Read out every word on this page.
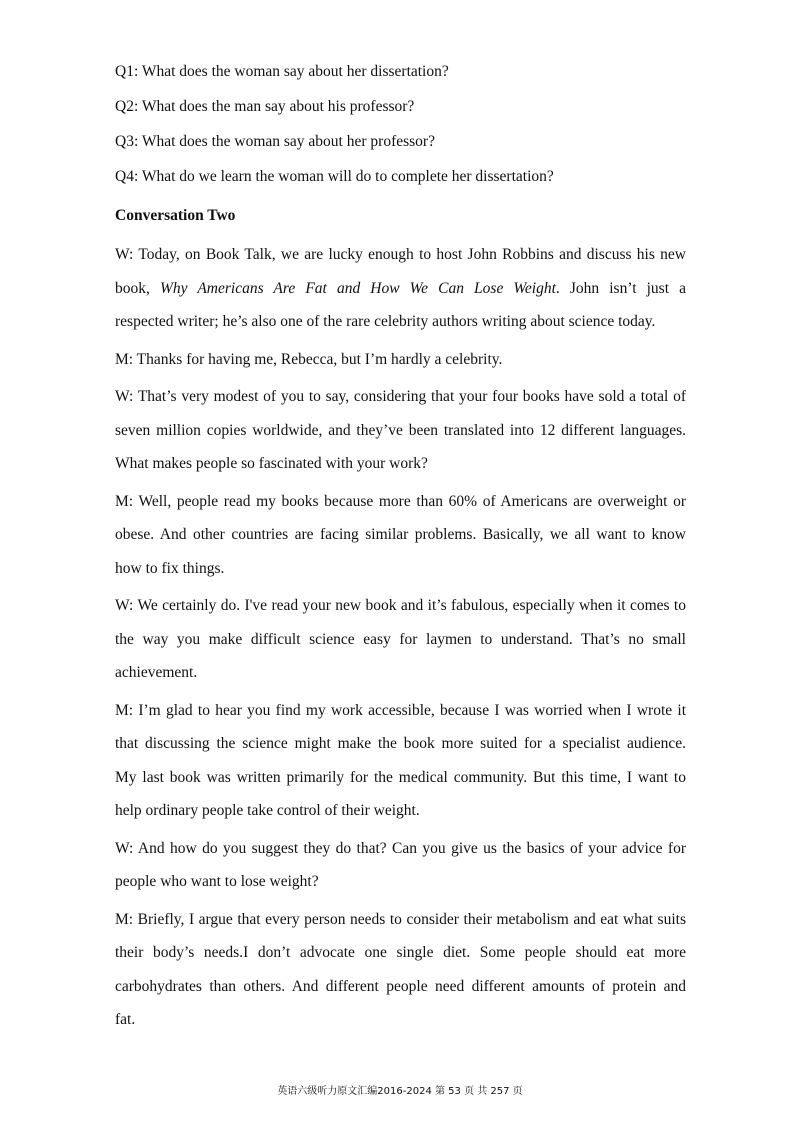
Q1: What does the woman say about her dissertation?

Q2: What does the man say about his professor?

Q3: What does the woman say about her professor?

Q4: What do we learn the woman will do to complete her dissertation?

Conversation Two

W: Today, on Book Talk, we are lucky enough to host John Robbins and discuss his new
book, Why Americans Are Fat and How We Can Lose Weight. John isn’t just a
respected writer; he’s also one of the rare celebrity authors writing about science today.

M: Thanks for having me, Rebecca, but I’m hardly a celebrity.

W: That’s very modest of you to say, considering that your four books have sold a total of
seven million copies worldwide, and they’ve been translated into 12 different languages.
What makes people so fascinated with your work?

M: Well, people read my books because more than 60% of Americans are overweight or
obese. And other countries are facing similar problems. Basically, we all want to know
how to fix things.

W: We certainly do. I've read your new book and it’s fabulous, especially when it comes to
the way you make difficult science easy for laymen to understand. That’s no small
achievement.

M: I’m glad to hear you find my work accessible, because I was worried when I wrote it
that discussing the science might make the book more suited for a specialist audience.
My last book was written primarily for the medical community. But this time, I want to
help ordinary people take control of their weight.

W: And how do you suggest they do that? Can you give us the basics of your advice for
people who want to lose weight?

M: Briefly, I argue that every person needs to consider their metabolism and eat what suits
their body’s needs.I don’t advocate one single diet. Some people should eat more
carbohydrates than others. And different people need different amounts of protein and
fat.

英语六级听力原文汇编2016-2024 第 53 页 共 257 页
